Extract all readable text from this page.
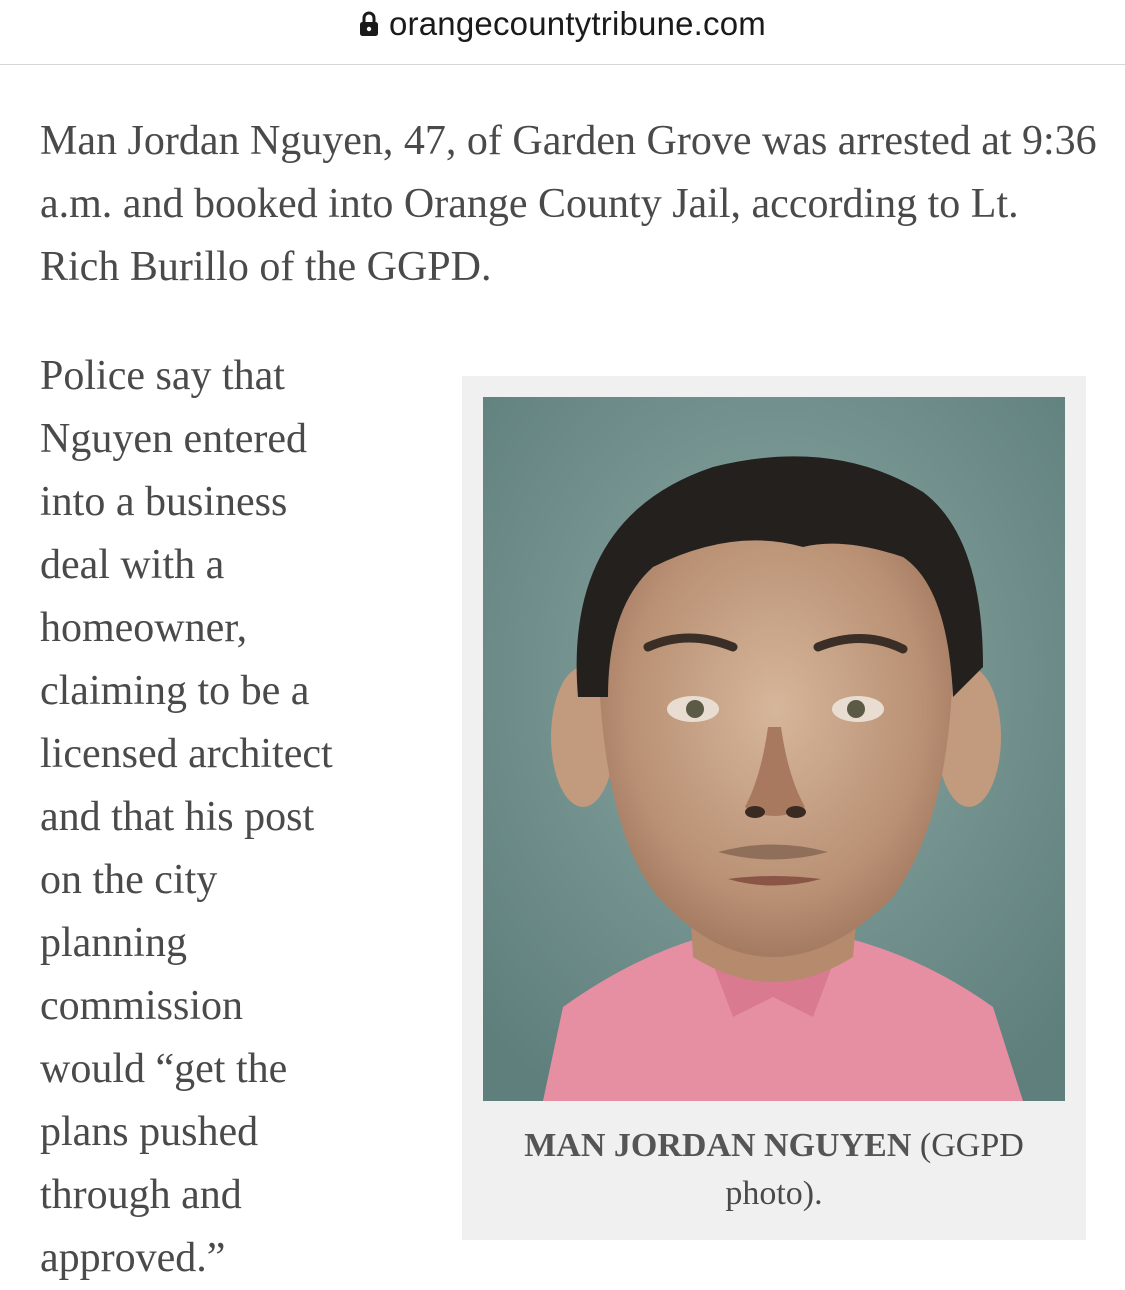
orangecountytribune.com

Man Jordan Nguyen, 47, of Garden Grove was arrested at 9:36 a.m. and booked into Orange County Jail, according to Lt. Rich Burillo of the GGPD.

Police say that
Nguyen entered
into a business
deal with a
homeowner,
claiming to be a
licensed architect
and that his post
on the city
planning
commission
would “get the
plans pushed
through and
approved.”
MAN JORDAN NGUYEN (GGPD photo).
